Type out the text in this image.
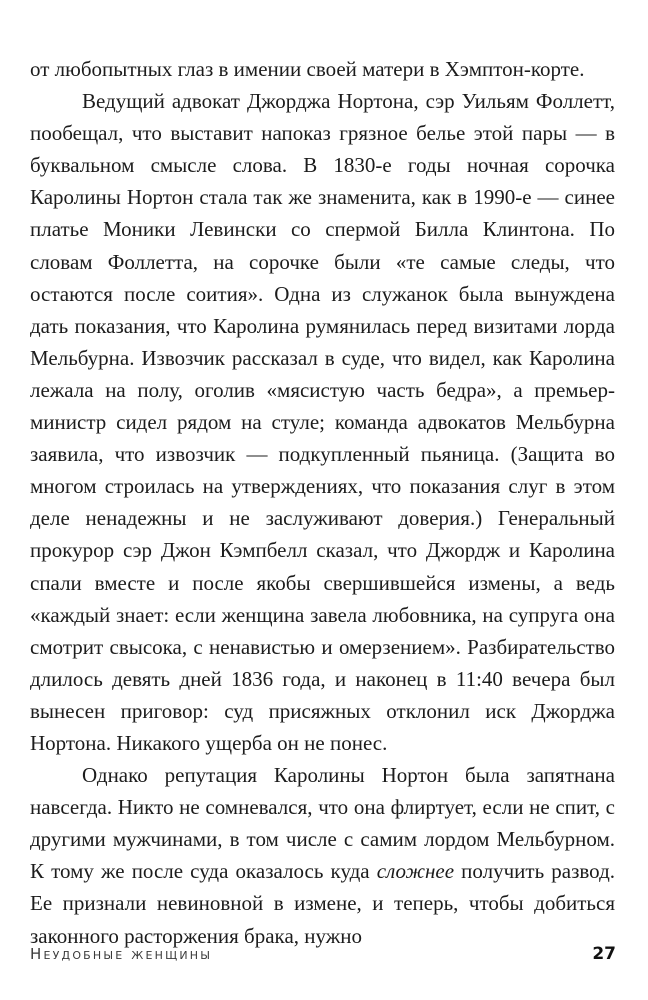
от любопытных глаз в имении своей матери в Хэмптон-корте.

Ведущий адвокат Джорджа Нортона, сэр Уильям Фоллетт, пообещал, что выставит напоказ грязное белье этой пары — в буквальном смысле слова. В 1830-е годы ночная сорочка Каролины Нортон стала так же знаменита, как в 1990-е — синее платье Моники Левински со спермой Билла Клинтона. По словам Фоллетта, на сорочке были «те самые следы, что остаются после соития». Одна из служанок была вынуждена дать показания, что Каролина румянилась перед визитами лорда Мельбурна. Извозчик рассказал в суде, что видел, как Каролина лежала на полу, оголив «мясистую часть бедра», а премьер-министр сидел рядом на стуле; команда адвокатов Мельбурна заявила, что извозчик — подкупленный пьяница. (Защита во многом строилась на утверждениях, что показания слуг в этом деле ненадежны и не заслуживают доверия.) Генеральный прокурор сэр Джон Кэмпбелл сказал, что Джордж и Каролина спали вместе и после якобы свершившейся измены, а ведь «каждый знает: если женщина завела любовника, на супруга она смотрит свысока, с ненавистью и омерзением». Разбирательство длилось девять дней 1836 года, и наконец в 11:40 вечера был вынесен приговор: суд присяжных отклонил иск Джорджа Нортона. Никакого ущерба он не понес.

Однако репутация Каролины Нортон была запятнана навсегда. Никто не сомневался, что она флиртует, если не спит, с другими мужчинами, в том числе с самим лордом Мельбурном. К тому же после суда оказалось куда сложнее получить развод. Ее признали невиновной в измене, и теперь, чтобы добиться законного расторжения брака, нужно

Неудобные женщины	27
